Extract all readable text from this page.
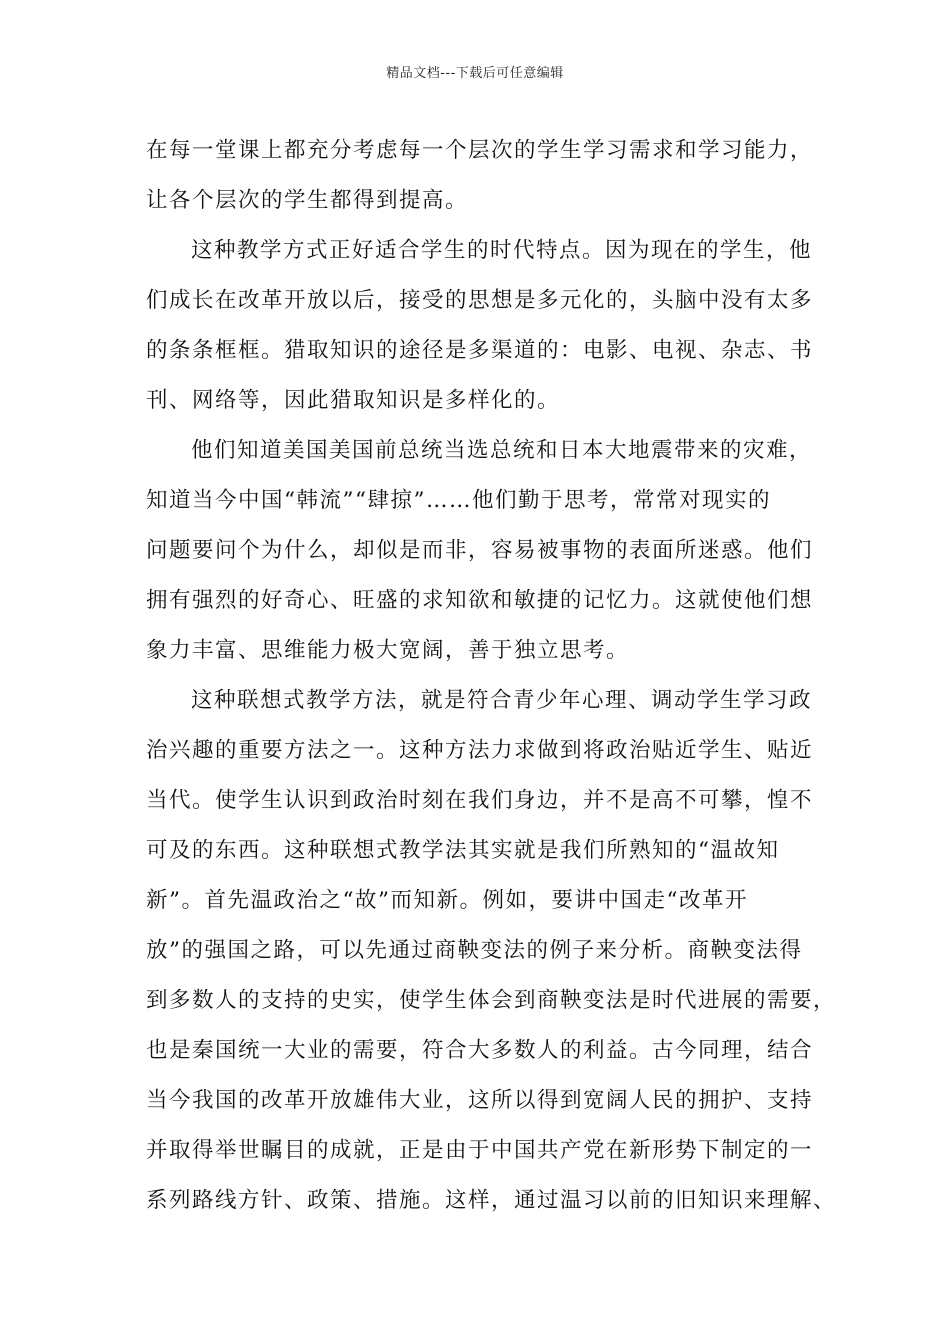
精品文档---下载后可任意编辑
在每一堂课上都充分考虑每一个层次的学生学习需求和学习能力，
让各个层次的学生都得到提高。
这种教学方式正好适合学生的时代特点。因为现在的学生，他
们成长在改革开放以后，接受的思想是多元化的，头脑中没有太多
的条条框框。猎取知识的途径是多渠道的：电影、电视、杂志、书
刊、网络等，因此猎取知识是多样化的。
他们知道美国美国前总统当选总统和日本大地震带来的灾难，
知道当今中国“韩流”“肆掠”……他们勤于思考，常常对现实的
问题要问个为什么，却似是而非，容易被事物的表面所迷惑。他们
拥有强烈的好奇心、旺盛的求知欲和敏捷的记忆力。这就使他们想
象力丰富、思维能力极大宽阔，善于独立思考。
这种联想式教学方法，就是符合青少年心理、调动学生学习政
治兴趣的重要方法之一。这种方法力求做到将政治贴近学生、贴近
当代。使学生认识到政治时刻在我们身边，并不是高不可攀，惶不
可及的东西。这种联想式教学法其实就是我们所熟知的“温故知
新”。首先温政治之“故”而知新。例如，要讲中国走“改革开
放”的强国之路，可以先通过商鞅变法的例子来分析。商鞅变法得
到多数人的支持的史实，使学生体会到商鞅变法是时代进展的需要，
也是秦国统一大业的需要，符合大多数人的利益。古今同理，结合
当今我国的改革开放雄伟大业，这所以得到宽阔人民的拥护、支持
并取得举世瞩目的成就，正是由于中国共产党在新形势下制定的一
系列路线方针、政策、措施。这样，通过温习以前的旧知识来理解、
